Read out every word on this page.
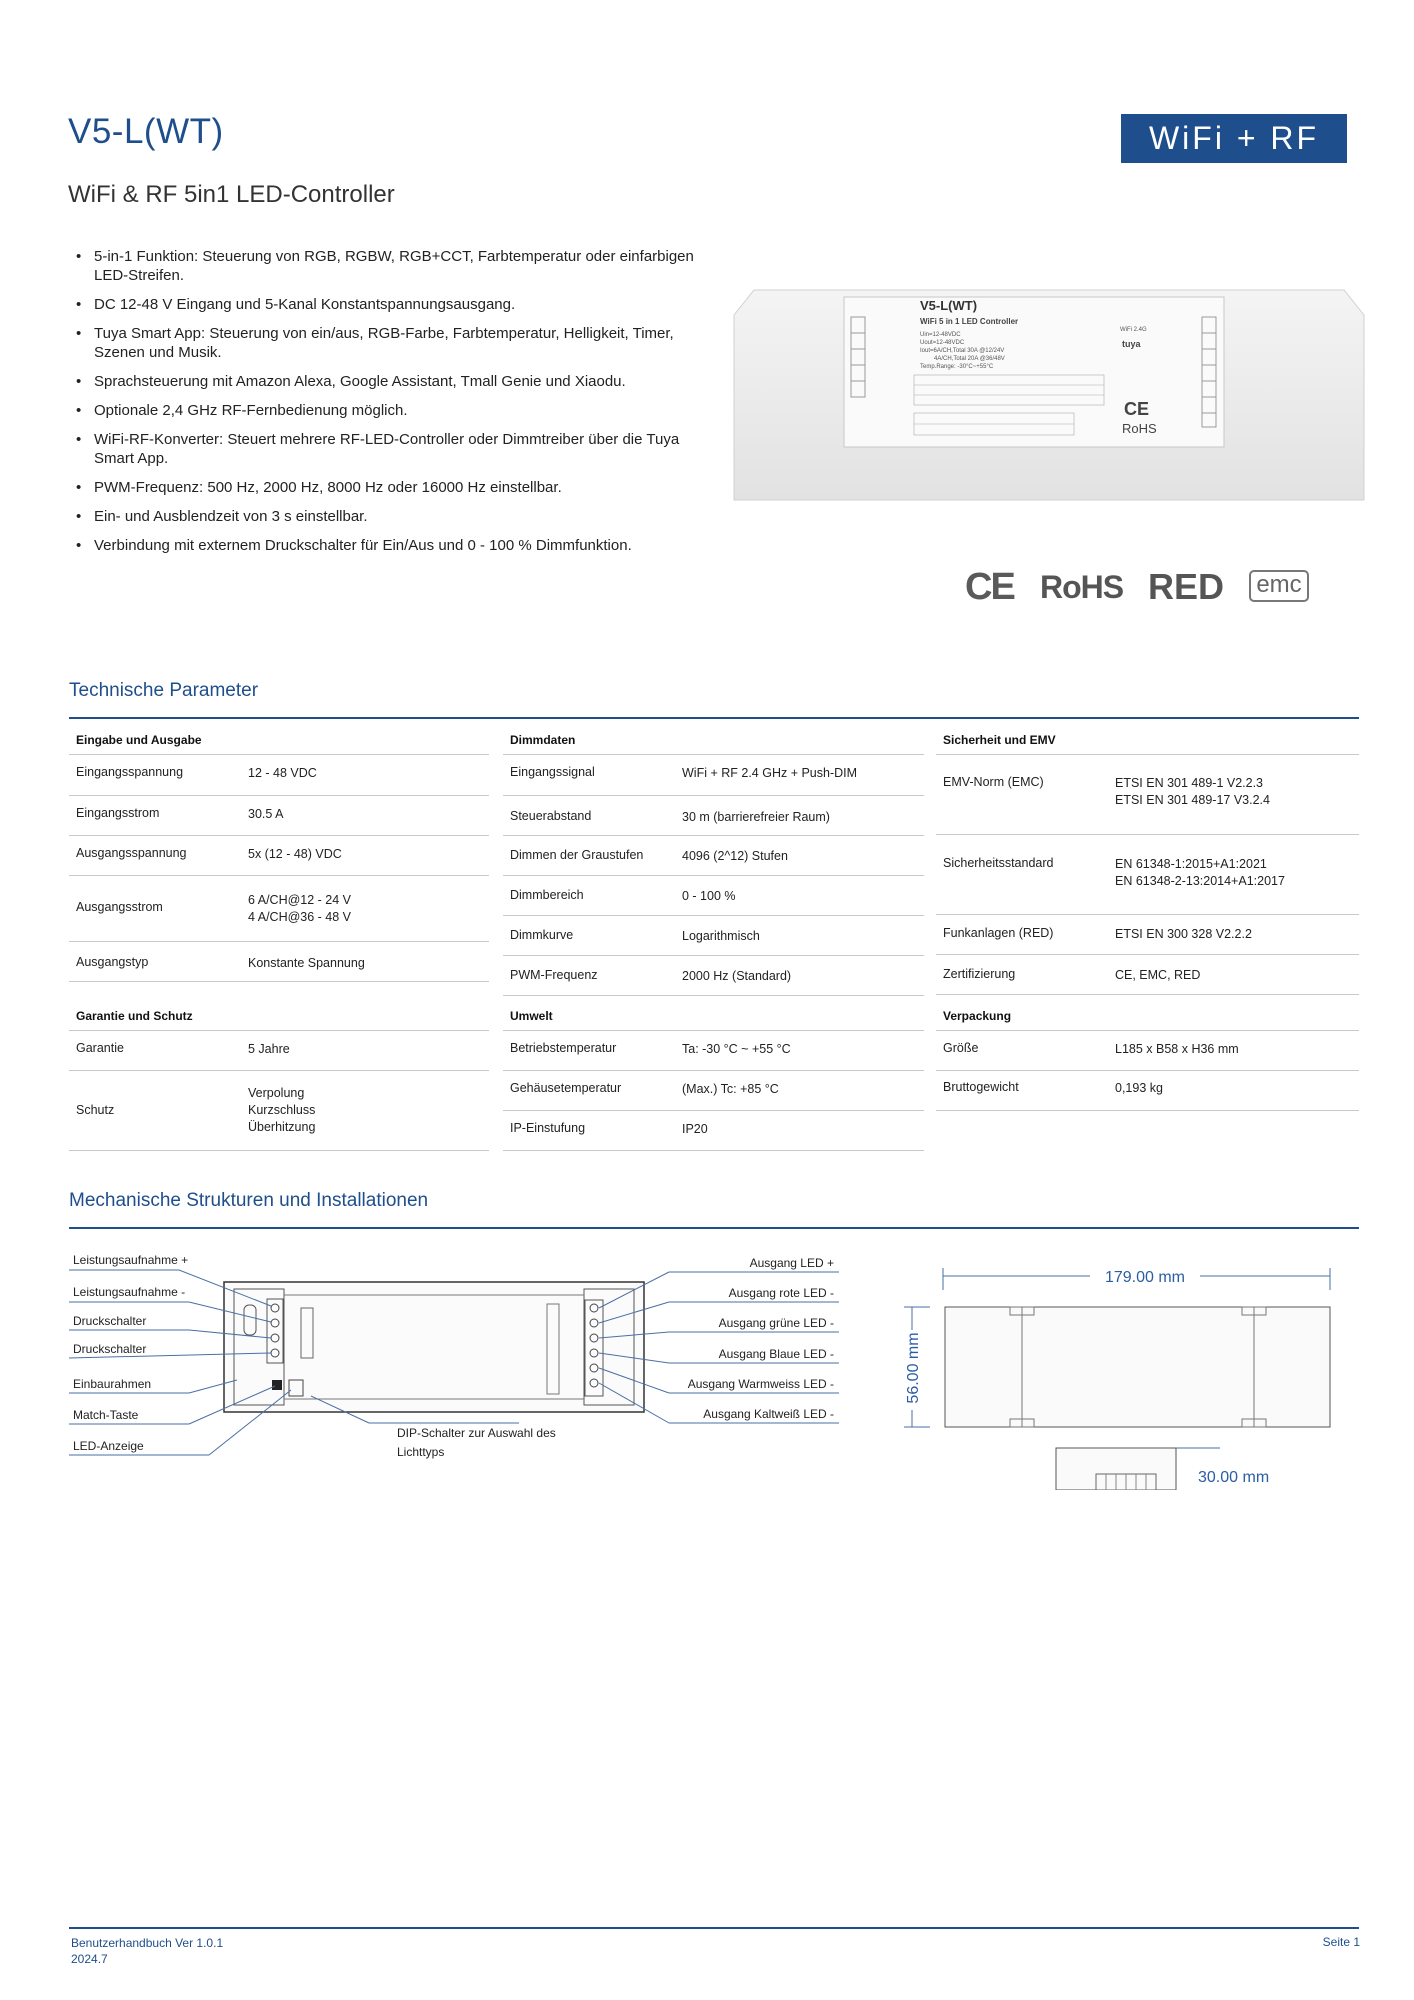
V5-L(WT)
WiFi & RF 5in1 LED-Controller
WiFi + RF
• 5-in-1 Funktion: Steuerung von RGB, RGBW, RGB+CCT, Farbtemperatur oder einfarbigen LED-Streifen.
• DC 12-48 V Eingang und 5-Kanal Konstantspannungsausgang.
• Tuya Smart App: Steuerung von ein/aus, RGB-Farbe, Farbtemperatur, Helligkeit, Timer, Szenen und Musik.
• Sprachsteuerung mit Amazon Alexa, Google Assistant, Tmall Genie und Xiaodu.
• Optionale 2,4 GHz RF-Fernbedienung möglich.
• WiFi-RF-Konverter: Steuert mehrere RF-LED-Controller oder Dimmtreiber über die Tuya Smart App.
• PWM-Frequenz: 500 Hz, 2000 Hz, 8000 Hz oder 16000 Hz einstellbar.
• Ein- und Ausblendzeit von 3 s einstellbar.
• Verbindung mit externem Druckschalter für Ein/Aus und 0 - 100 % Dimmfunktion.
V5-L(WT)
WiFi 5 in 1 LED Controller
Uin=12-48VDC
Uout=12-48VDC
Iout=6A/CH,Total 30A @12/24V
4A/CH,Total 20A @36/48V
Temp.Range: -30°C~+55°C
WiFi 2.4G
tuya
CE
RoHS
CE RoHS RED	emc
Technische Parameter
Eingabe und Ausgabe
Eingangsspannung	12 - 48 VDC
Eingangsstrom	30.5 A
Ausgangsspannung	5x (12 - 48) VDC
Ausgangsstrom	6 A/CH@12 - 24 V
4 A/CH@36 - 48 V
Ausgangstyp	Konstante Spannung
Dimmdaten
Eingangssignal	WiFi + RF 2.4 GHz + Push-DIM
Steuerabstand	30 m (barrierefreier Raum)
Dimmen der Graustufen	4096 (2^12) Stufen
Dimmbereich	0 - 100 %
Dimmkurve	Logarithmisch
PWM-Frequenz	2000 Hz (Standard)
Sicherheit und EMV
EMV-Norm (EMC)	ETSI EN 301 489-1 V2.2.3
ETSI EN 301 489-17 V3.2.4
Sicherheitsstandard	EN 61348-1:2015+A1:2021
EN 61348-2-13:2014+A1:2017
Funkanlagen (RED)	ETSI EN 300 328 V2.2.2
Zertifizierung	CE, EMC, RED
Garantie und Schutz
Garantie	5 Jahre
Schutz
Verpolung
Kurzschluss
Überhitzung
Umwelt
Betriebstemperatur	Ta: -30 °C ~ +55 °C
Gehäusetemperatur	(Max.) Tc: +85 °C
IP-Einstufung	IP20
Verpackung
Größe	L185 x B58 x H36 mm
Bruttogewicht	0,193 kg
Mechanische Strukturen und Installationen
Leistungsaufnahme +
Leistungsaufnahme -
Druckschalter
Druckschalter
Einbaurahmen
Match-Taste
LED-Anzeige
DIP-Schalter zur Auswahl des
Lichttyps
Ausgang LED +
Ausgang rote LED -
Ausgang grüne LED -
Ausgang Blaue LED -
Ausgang Warmweiss LED -
Ausgang Kaltweiß LED -
179.00 mm
56.00 mm
30.00 mm
Benutzerhandbuch Ver 1.0.1
2024.7
Seite 1
